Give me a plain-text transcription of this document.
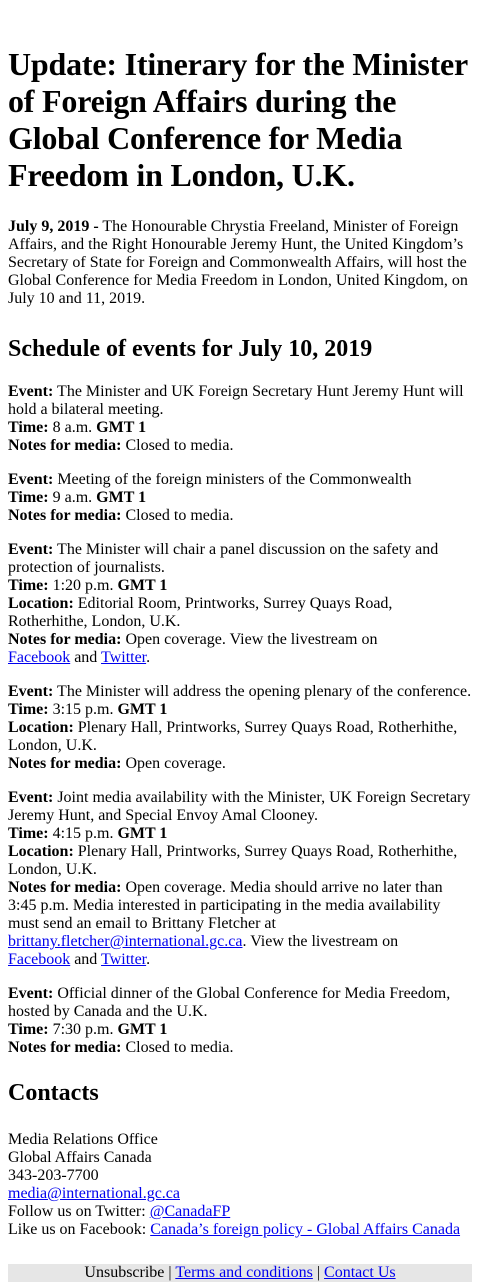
Update: Itinerary for the Minister of Foreign Affairs during the Global Conference for Media Freedom in London, U.K.

July 9, 2019 - The Honourable Chrystia Freeland, Minister of Foreign Affairs, and the Right Honourable Jeremy Hunt, the United Kingdom’s Secretary of State for Foreign and Commonwealth Affairs, will host the Global Conference for Media Freedom in London, United Kingdom, on July 10 and 11, 2019.

Schedule of events for July 10, 2019

Event: The Minister and UK Foreign Secretary Hunt Jeremy Hunt will hold a bilateral meeting.
Time: 8 a.m. GMT 1
Notes for media: Closed to media.

Event: Meeting of the foreign ministers of the Commonwealth
Time: 9 a.m. GMT 1
Notes for media: Closed to media.

Event: The Minister will chair a panel discussion on the safety and protection of journalists.
Time: 1:20 p.m. GMT 1
Location: Editorial Room, Printworks, Surrey Quays Road, Rotherhithe, London, U.K.
Notes for media: Open coverage. View the livestream on
Facebook and Twitter.

Event: The Minister will address the opening plenary of the conference.
Time: 3:15 p.m. GMT 1
Location: Plenary Hall, Printworks, Surrey Quays Road, Rotherhithe, London, U.K.
Notes for media: Open coverage.

Event: Joint media availability with the Minister, UK Foreign Secretary Jeremy Hunt, and Special Envoy Amal Clooney.
Time: 4:15 p.m. GMT 1
Location: Plenary Hall, Printworks, Surrey Quays Road, Rotherhithe, London, U.K.
Notes for media: Open coverage. Media should arrive no later than 3:45 p.m. Media interested in participating in the media availability must send an email to Brittany Fletcher at
brittany.fletcher@international.gc.ca. View the livestream on
Facebook and Twitter.

Event: Official dinner of the Global Conference for Media Freedom, hosted by Canada and the U.K.
Time: 7:30 p.m. GMT 1
Notes for media: Closed to media.

Contacts
Media Relations Office
Global Affairs Canada
343-203-7700
media@international.gc.ca
Follow us on Twitter: @CanadaFP
Like us on Facebook: Canada’s foreign policy - Global Affairs Canada
Unsubscribe | Terms and conditions | Contact Us
